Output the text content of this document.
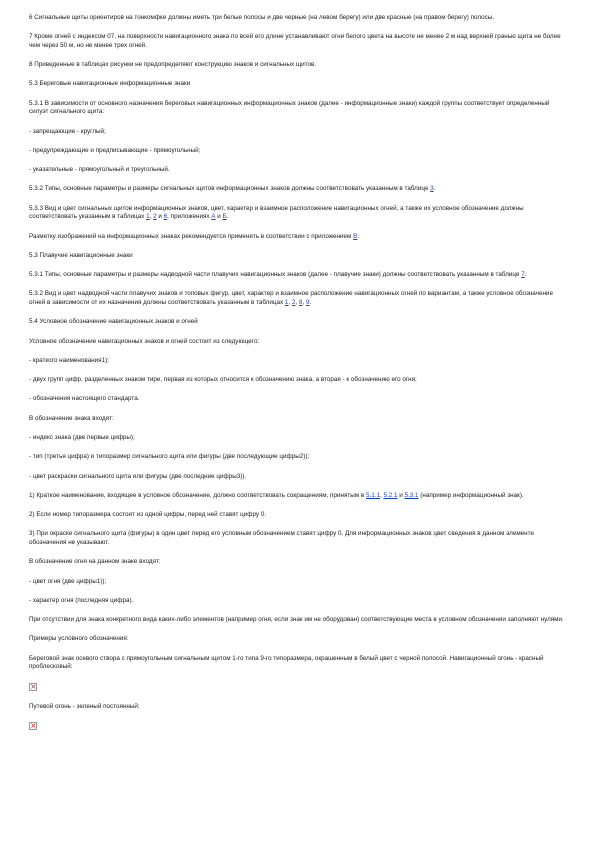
6 Сигнальные щиты ориентиров на тонкомфке должны иметь три белые полосы и две черные (на левом берегу) или две красные (на правом берегу) полосы.

7 Кроме огней с индексом 07, на поверхности навигационного знака по всей его длине устанавливают огни белого цвета на высоте не менее 2 м над верхней гранью щита не более чем через 50 м, но не менее трех огней.

8 Приведенные в таблицах рисунки не предопределяют конструкцию знаков и сигнальных щитов.

5.3 Береговые навигационные информационные знаки

5.3.1 В зависимости от основного назначения береговых навигационных информационных знаков (далее - информационные знаки) каждой группы соответствует определенный силуэт сигнального щита:

- запрещающие - круглый;

- предупреждающие и предписывающие - прямоугольный;

- указательные - прямоугольный и треугольный.

5.3.2 Типы, основные параметры и размеры сигнальных щитов информационных знаков должны соответствовать указанным в таблице 3.

5.3.3 Вид и цвет сигнальных щитов информационных знаков, цвет, характер и взаимное расположение навигационных огней, а также их условное обозначение должны соответствовать указанным в таблицах 1, 2 и 6, приложениях А и Б.

Разметку изображений на информационных знаках рекомендуется применять в соответствии с приложением В.

5.3 Плавучие навигационные знаки

5.3.1 Типы, основные параметры и размеры надводной части плавучих навигационных знаков (далее - плавучие знаки) должны соответствовать указанным в таблице 7.

5.3.2 Вид и цвет надводной части плавучих знаков и топовых фигур, цвет, характер и взаимное расположение навигационных огней по вариантам, а также условное обозначение огней в зависимости от их назначения должны соответствовать указанным в таблицах 1, 2, 8, 9.

5.4 Условное обозначение навигационных знаков и огней

Условное обозначение навигационных знаков и огней состоит из следующего:

- краткого наименования1);

- двух групп цифр, разделенных знаком тире, первая из которых относится к обозначению знака, а вторая - к обозначению его огня;

- обозначения настоящего стандарта.

В обозначение знака входят:

- индекс знака (две первые цифры);

- тип (третья цифра) и типоразмер сигнального щита или фигуры (две последующие цифры2));

- цвет раскраски сигнального щита или фигуры (две последние цифры3)).

1) Краткое наименование, входящее в условное обозначение, должно соответствовать сокращениям, принятым в 5.1.1, 5.2.1 и 5.3.1 (например информационный знак).

2) Если номер типоразмера состоит из одной цифры, перед ней ставят цифру 0.

3) При окраске сигнального щита (фигуры) в один цвет перед его условным обозначением ставят цифру 0. Для информационных знаков цвет сведения в данном элементе обозначения не указывают.

В обозначение огня на данном знаке входят:

- цвет огня (две цифры1));

- характер огня (последняя цифра).

При отсутствии для знака конкретного вида каких-либо элементов (например огня, если знак им не оборудован) соответствующие места в условном обозначении заполняют нулями.

Примеры условного обозначения:

Береговой знак осевого створа с прямоугольным сигнальным щитом 1-го типа 9-го типоразмера, окрашенным в белый цвет с черной полосой. Навигационный огонь - красный проблесковый:

×

Путевой огонь - зеленый постоянный:

×
